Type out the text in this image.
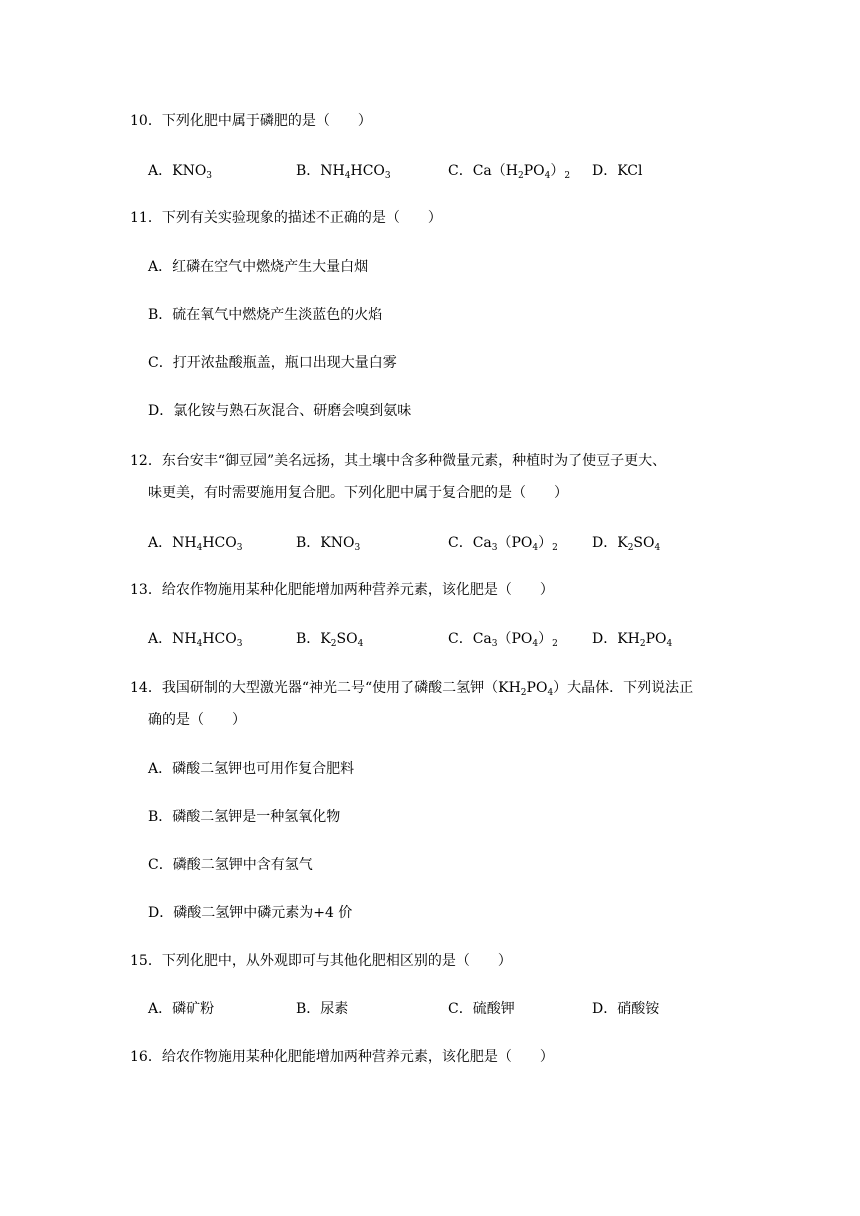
10．下列化肥中属于磷肥的是（　　）
A．$KNO_3$	B．$NH_4HCO_3$	C．$Ca(H_2PO_4)_2$ D．KCl
11．下列有关实验现象的描述不正确的是（　　）
A．红磷在空气中燃烧产生大量白烟
B．硫在氧气中燃烧产生淡蓝色的火焰
C．打开浓盐酸瓶盖，瓶口出现大量白雾
D．氯化铵与熟石灰混合、研磨会嗅到氨味
12．东台安丰“御豆园”美名远扬，其土壤中含多种微量元素，种植时为了使豆子更大、
味更美，有时需要施用复合肥。下列化肥中属于复合肥的是（　　）
A．$NH_4HCO_3$	B．$KNO_3$	C．$Ca_3(PO_4)_2$ D．$K_2SO_4$
13．给农作物施用某种化肥能增加两种营养元素，该化肥是（　　）
A．$NH_4HCO_3$	B．$K_2SO_4$	C．$Ca_3(PO_4)_2$ D．$KH_2PO_4$
14．我国研制的大型激光器“神光二号“使用了磷酸二氢钾$(KH_2PO_4)$大晶体．下列说法正
确的是（　　）
A．磷酸二氢钾也可用作复合肥料
B．磷酸二氢钾是一种氢氧化物
C．磷酸二氢钾中含有氢气
D．磷酸二氢钾中磷元素为+4 价
15．下列化肥中，从外观即可与其他化肥相区别的是（　　）
A．磷矿粉	B．尿素	C．硫酸钾	D．硝酸铵
16．给农作物施用某种化肥能增加两种营养元素，该化肥是（　　）
